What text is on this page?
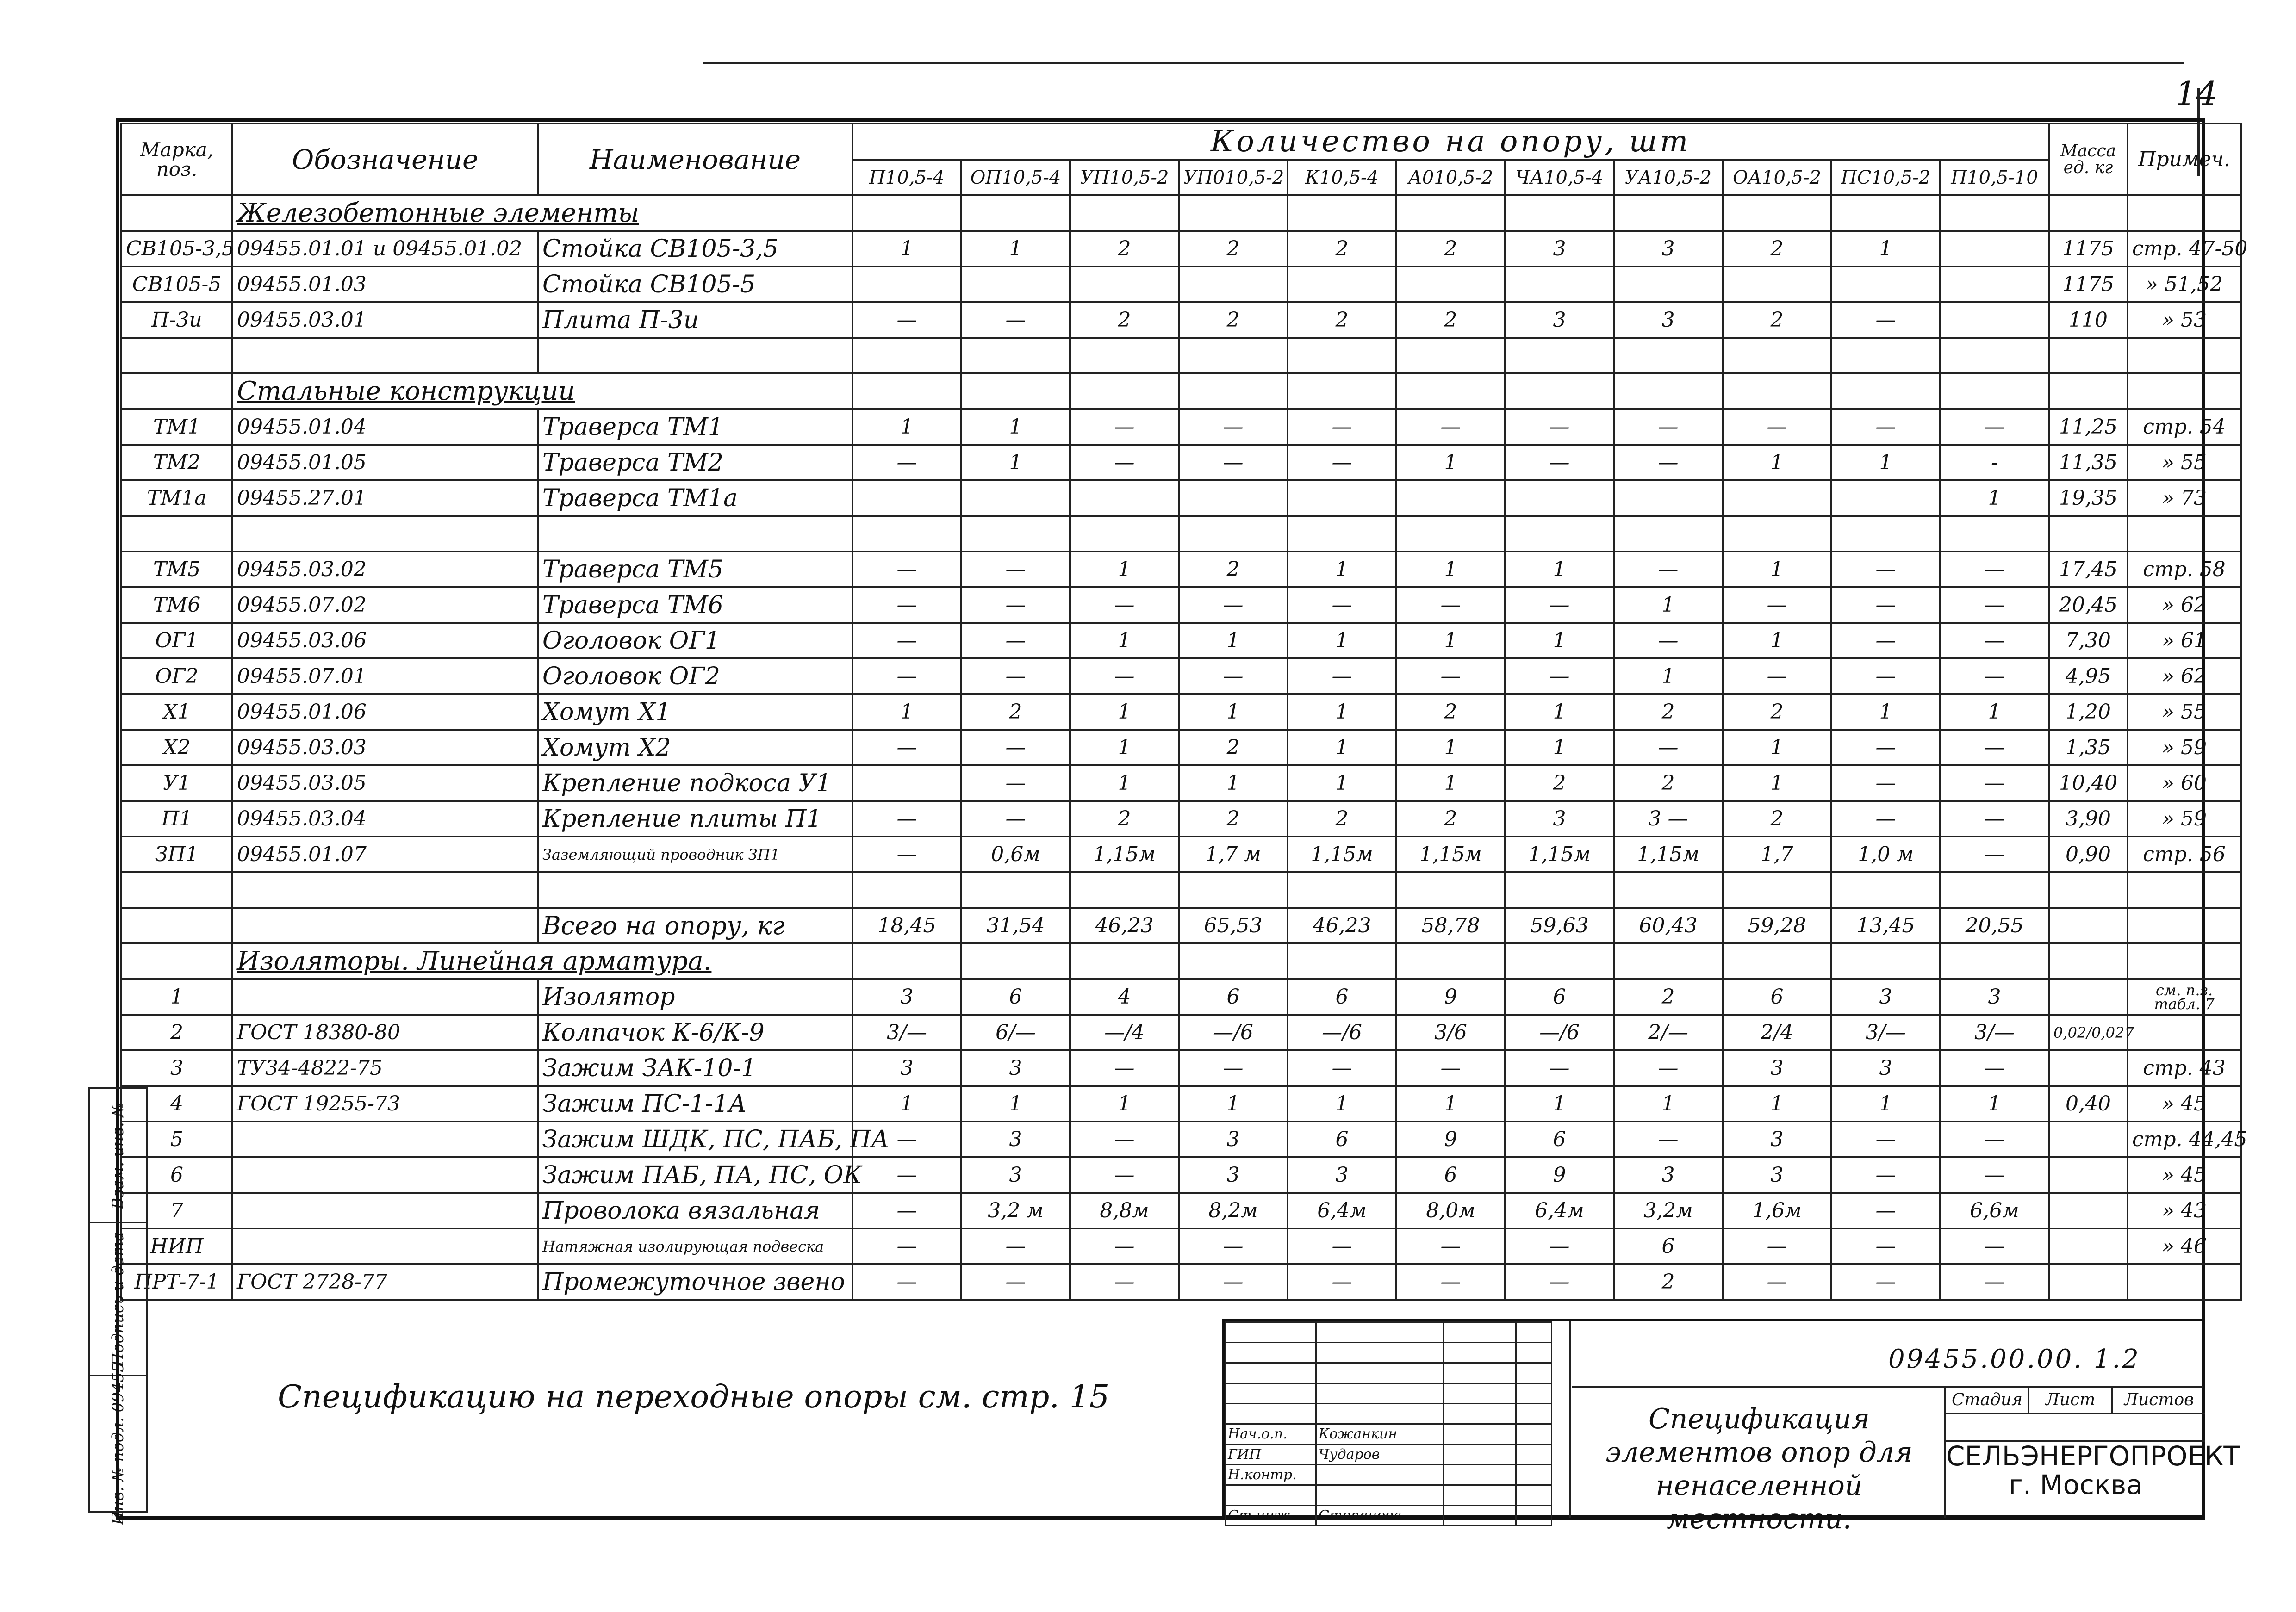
14
Марка, поз.	Обозначение	Наименование	Количество на опору, шт											Масса ед. кг	Примеч.
			П10,5-4	ОП10,5-4	УП10,5-2	УП010,5-2	К10,5-4	А010,5-2	ЧА10,5-4	УА10,5-2	ОА10,5-2	ПС10,5-2	П10,5-10		
	Железобетонные элементы														
СВ105-3,5	09455.01.01 и 09455.01.02	Стойка СВ105-3,5	1	1	2	2	2	2	3	3	2	1		1175	стр. 47-50
СВ105-5	09455.01.03	Стойка СВ105-5												1175	» 51,52
П-3и	09455.03.01	Плита П-3и	—	—	2	2	2	2	3	3	2	—		110	» 53

	Стальные конструкции														
ТМ1	09455.01.04	Траверса ТМ1	1	1	—	—	—	—	—	—	—	—	—	11,25	стр. 54
ТМ2	09455.01.05	Траверса ТМ2	—	1	—	—	—	1	—	—	1	1	-	11,35	» 55
ТМ1а	09455.27.01	Траверса ТМ1а											1	19,35	» 73

ТМ5	09455.03.02	Траверса ТМ5	—	—	1	2	1	1	1	—	1	—	—	17,45	стр. 58
ТМ6	09455.07.02	Траверса ТМ6	—	—	—	—	—	—	—	1	—	—	—	20,45	» 62
ОГ1	09455.03.06	Оголовок ОГ1	—	—	1	1	1	1	1	—	1	—	—	7,30	» 61
ОГ2	09455.07.01	Оголовок ОГ2	—	—	—	—	—	—	—	1	—	—	—	4,95	» 62
Х1	09455.01.06	Хомут Х1	1	2	1	1	1	2	1	2	2	1	1	1,20	» 55
Х2	09455.03.03	Хомут Х2	—	—	1	2	1	1	1	—	1	—	—	1,35	» 59
У1	09455.03.05	Крепление подкоса У1		—	1	1	1	1	2	2	1	—	—	10,40	» 60
П1	09455.03.04	Крепление плиты П1	—	—	2	2	2	2	3	3 —	2	—	—	3,90	» 59
ЗП1	09455.01.07	Заземляющий проводник ЗП1	—	0,6м	1,15м	1,7 м	1,15м	1,15м	1,15м	1,15м	1,7	1,0 м	—	0,90	стр. 56

		Всего на опору, кг	18,45	31,54	46,23	65,53	46,23	58,78	59,63	60,43	59,28	13,45	20,55		
	Изоляторы. Линейная арматура.														
1		Изолятор	3	6	4	6	6	9	6	2	6	3	3		см. п.з. табл. 7
2	ГОСТ 18380-80	Колпачок К-6/К-9	3/—	6/—	—/4	—/6	—/6	3/6	—/6	2/—	2/4	3/—	3/—	0,02/0,027	
3	ТУ34-4822-75	Зажим ЗАК-10-1	3	3	—	—	—	—	—	—	3	3	—		стр. 43
4	ГОСТ 19255-73	Зажим ПС-1-1А	1	1	1	1	1	1	1	1	1	1	1	0,40	» 45
5		Зажим ШДК, ПС, ПАБ, ПА	—	3	—	3	6	9	6	—	3	—	—		стр. 44,45
6		Зажим ПАБ, ПА, ПС, ОК	—	3	—	3	3	6	9	3	3	—	—		» 45
7		Проволока вязальная	—	3,2 м	8,8м	8,2м	6,4м	8,0м	6,4м	3,2м	1,6м	—	6,6м		» 43
НИП		Натяжная изолирующая подвеска	—	—	—	—	—	—	—	6	—	—	—		» 46
ПРТ-7-1	ГОСТ 2728-77	Промежуточное звено	—	—	—	—	—	—	—	2	—	—	—		
Взам. инв. №
Подпись и дата
Инв. № подл. 09455	Спецификацию на переходные опоры см. стр. 15

Нач.о.п.	Кожанкин		
ГИП	Чударов		
Н.контр.			

Ст.инж.	Степанова		
Спецификация элементов опор для ненаселенной местности.
Стадия	Лист	Листов
СЕЛЬЭНЕРГОПРОЕКТ
г. Москва
09455.00.00. 1.2
